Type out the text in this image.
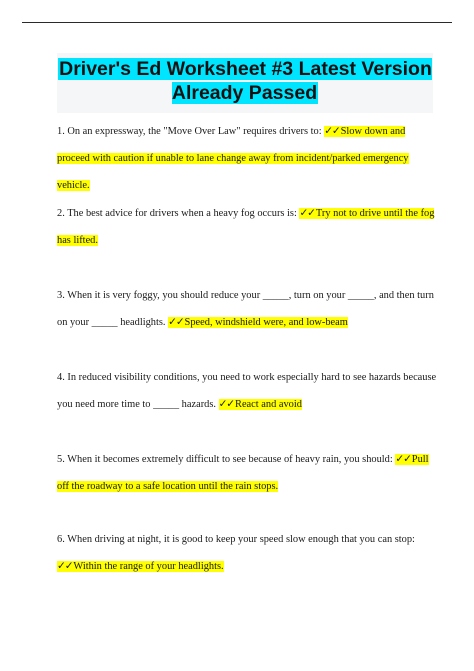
Driver's Ed Worksheet #3 Latest Version Already Passed

1. On an expressway, the "Move Over Law" requires drivers to: ✓✓Slow down and proceed with caution if unable to lane change away from incident/parked emergency vehicle.

2. The best advice for drivers when a heavy fog occurs is: ✓✓Try not to drive until the fog has lifted.

3. When it is very foggy, you should reduce your _____, turn on your _____, and then turn on your _____ headlights. ✓✓Speed, windshield were, and low-beam

4. In reduced visibility conditions, you need to work especially hard to see hazards because you need more time to _____ hazards. ✓✓React and avoid

5. When it becomes extremely difficult to see because of heavy rain, you should: ✓✓Pull off the roadway to a safe location until the rain stops.

6. When driving at night, it is good to keep your speed slow enough that you can stop: ✓✓Within the range of your headlights.
